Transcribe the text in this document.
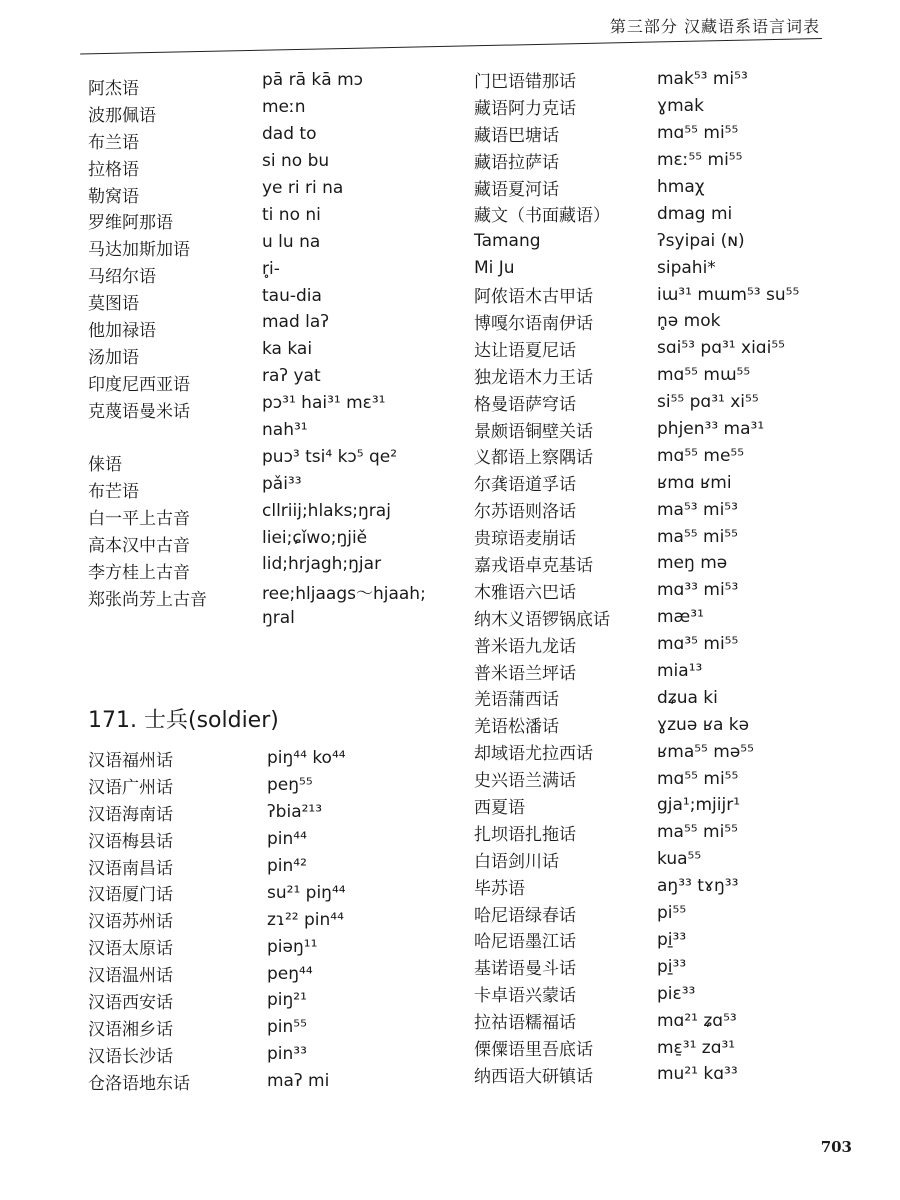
第三部分 汉藏语系语言词表
阿杰语
波那佩语
布兰语
拉格语
勒窝语
罗维阿那语
马达加斯加语
马绍尔语
莫图语
他加禄语
汤加语
印度尼西亚语
克蔑语曼米话
俫语
布芒语
白一平上古音
高本汉中古音
李方桂上古音
郑张尚芳上古音
pā rā kā mɔ
meːn
dad to
si no bu
ye ri ri na
ti no ni
u lu na
r̥i-
tau-dia
mad laʔ
ka kai
raʔ yat
pɔ³¹ hai³¹ mɛ³¹
nah³¹
puɔ³ tsi⁴ kɔ⁵ qe²
pǎi³³
cllriij;hlaks;ŋraj
liei;ɕǐwo;ŋjiě
lid;hrjagh;ŋjar
ree;hljaags～hjaah;
ŋral
171. 士兵(soldier)
汉语福州话
汉语广州话
汉语海南话
汉语梅县话
汉语南昌话
汉语厦门话
汉语苏州话
汉语太原话
汉语温州话
汉语西安话
汉语湘乡话
汉语长沙话
仓洛语地东话
piŋ⁴⁴ ko⁴⁴
peŋ⁵⁵
ʔbia²¹³
pin⁴⁴
pin⁴²
su²¹ piŋ⁴⁴
zɿ²² pin⁴⁴
piəŋ¹¹
peŋ⁴⁴
piŋ²¹
pin⁵⁵
pin³³
maʔ mi
门巴语错那话
藏语阿力克话
藏语巴塘话
藏语拉萨话
藏语夏河话
藏文（书面藏语）
Tamang
Mi Ju
阿侬语木古甲话
博嘎尔语南伊话
达让语夏尼话
独龙语木力王话
格曼语萨穹话
景颇语铜壁关话
义都语上察隅话
尔龚语道孚话
尔苏语则洛话
贵琼语麦崩话
嘉戎语卓克基话
木雅语六巴话
纳木义语锣锅底话
普米语九龙话
普米语兰坪话
羌语蒲西话
羌语松潘话
却域语尤拉西话
史兴语兰满话
西夏语
扎坝语扎拖话
白语剑川话
毕苏语
哈尼语绿春话
哈尼语墨江话
基诺语曼斗话
卡卓语兴蒙话
拉祜语糯福话
傈僳语里吾底话
纳西语大研镇话
mak⁵³ mi⁵³
ɣmak
mɑ⁵⁵ mi⁵⁵
mɛː⁵⁵ mi⁵⁵
hmaχ
dmag mi
ʔsyipai (ɴ)
sipahi*
iɯ³¹ mɯm⁵³ su⁵⁵
n̥ə mok
sɑi⁵³ pɑ³¹ xiɑi⁵⁵
mɑ⁵⁵ mɯ⁵⁵
si⁵⁵ pɑ³¹ xi⁵⁵
phjen³³ ma³¹
mɑ⁵⁵ me⁵⁵
ʁmɑ ʁmi
ma⁵³ mi⁵³
ma⁵⁵ mi⁵⁵
meŋ mə
mɑ³³ mi⁵³
mæ³¹
mɑ³⁵ mi⁵⁵
mia¹³
dʑua ki
ɣzuə ʁa kə
ʁma⁵⁵ mə⁵⁵
mɑ⁵⁵ mi⁵⁵
gja¹;mjijr¹
ma⁵⁵ mi⁵⁵
kua⁵⁵
aŋ³³ tɤŋ³³
pi⁵⁵
pi̱³³
pi̱³³
piɛ³³
mɑ²¹ ʑɑ⁵³
mɛ̱³¹ zɑ³¹
mu²¹ kɑ³³
703
